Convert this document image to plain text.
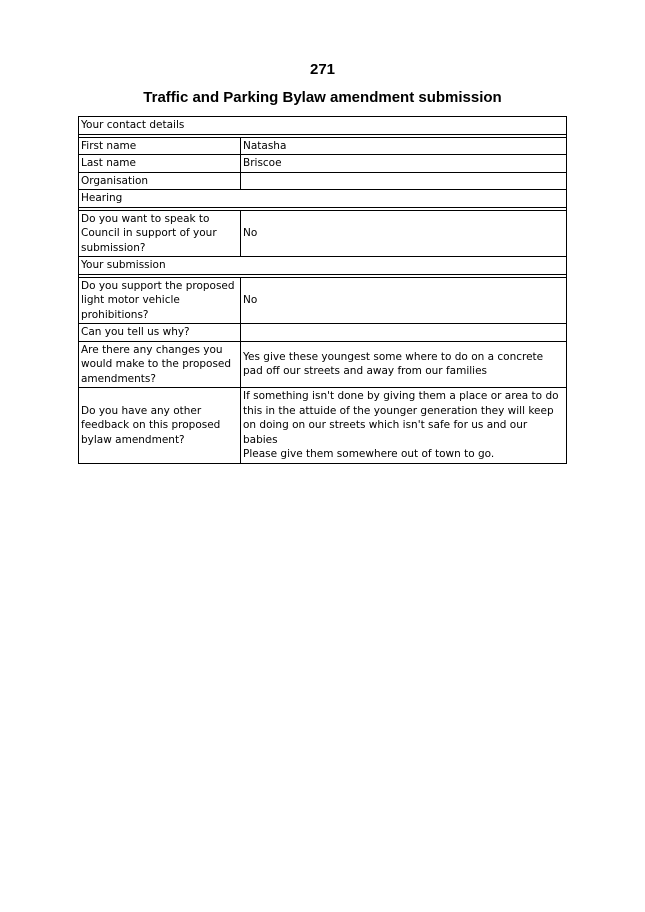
271
Traffic and Parking Bylaw amendment submission
Your contact details	

First name	Natasha
Last name	Briscoe
Organisation	
Hearing	

Do you want to speak to Council in support of your submission?	No
Your submission	

Do you support the proposed light motor vehicle prohibitions?	No
Can you tell us why?	
Are there any changes you would make to the proposed amendments?	Yes give these youngest some where to do on a concrete pad off our streets and away from our families
Do you have any other feedback on this proposed bylaw amendment?	If something isn't done by giving them a place or area to do this in the attuide of the younger generation they will keep on doing on our streets which isn't safe for us and our babies
Please give them somewhere out of town to go.
